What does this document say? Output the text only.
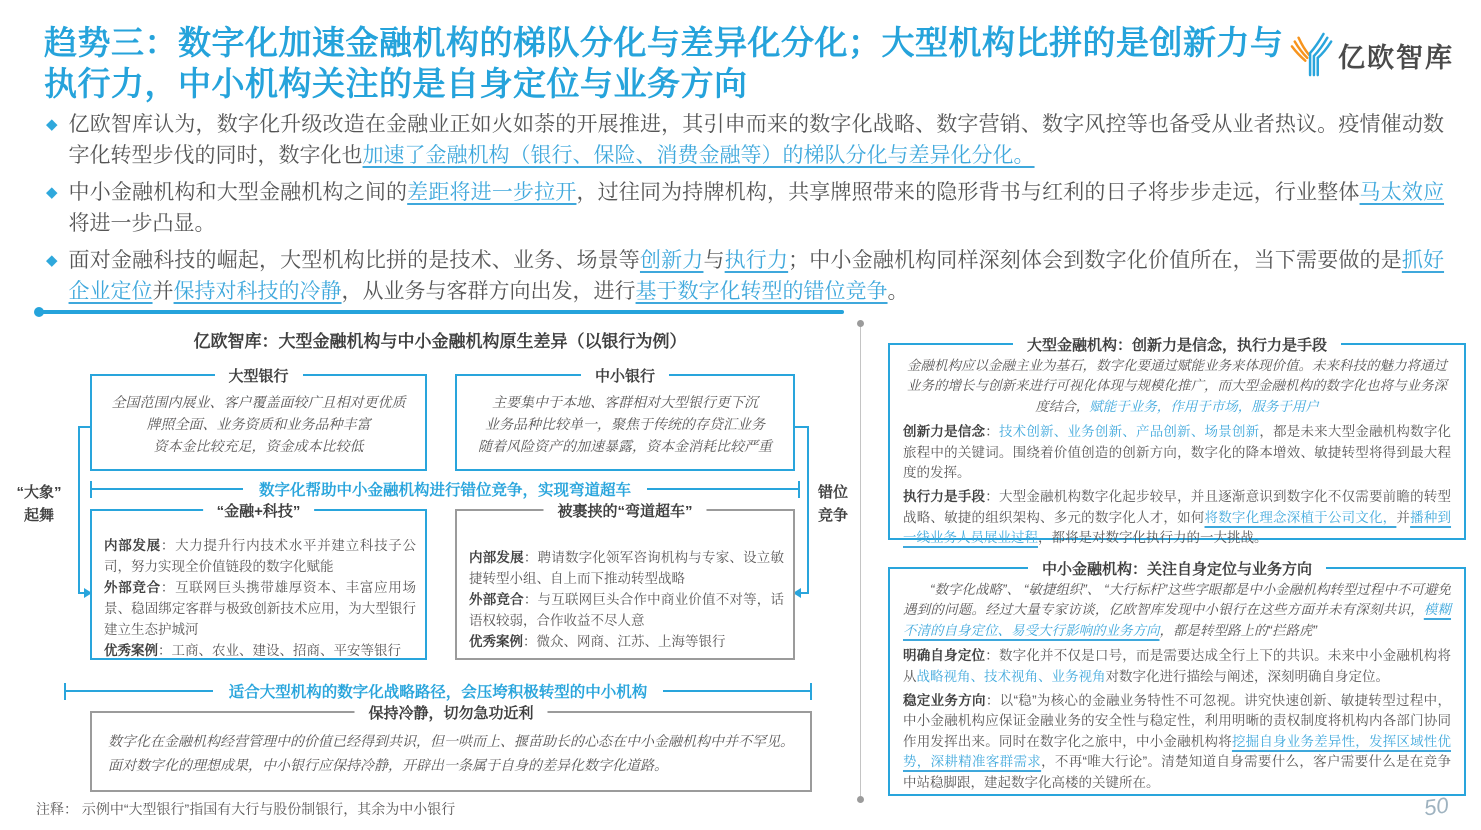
趋势三：数字化加速金融机构的梯队分化与差异化分化；大型机构比拼的是创新力与执行力，中小机构关注的是自身定位与业务方向
亿欧智库
◆ 亿欧智库认为，数字化升级改造在金融业正如火如荼的开展推进，其引申而来的数字化战略、数字营销、数字风控等也备受从业者热议。疫情催动数字化转型步伐的同时，数字化也加速了金融机构（银行、保险、消费金融等）的梯队分化与差异化分化。

◆ 中小金融机构和大型金融机构之间的差距将进一步拉开，过往同为持牌机构，共享牌照带来的隐形背书与红利的日子将步步走远，行业整体马太效应将进一步凸显。

◆ 面对金融科技的崛起，大型机构比拼的是技术、业务、场景等创新力与执行力；中小金融机构同样深刻体会到数字化价值所在，当下需要做的是抓好企业定位并保持对科技的冷静，从业务与客群方向出发，进行基于数字化转型的错位竞争。

亿欧智库：大型金融机构与中小金融机构原生差异（以银行为例）
大型银行
全国范围内展业、客户覆盖面较广且相对更优质
牌照全面、业务资质和业务品种丰富
资本金比较充足，资金成本比较低
中小银行
主要集中于本地、客群相对大型银行更下沉
业务品种比较单一，聚焦于传统的存贷汇业务
随着风险资产的加速暴露，资本金消耗比较严重
“大象”
起舞
数字化帮助中小金融机构进行错位竞争，实现弯道超车	错位
竞争
“金融+科技”

内部发展：大力提升行内技术水平并建立科技子公司，努力实现全价值链段的数字化赋能

外部竞合：互联网巨头携带雄厚资本、丰富应用场景、稳固绑定客群与极致创新技术应用，为大型银行建立生态护城河

优秀案例：工商、农业、建设、招商、平安等银行

被裹挟的“弯道超车”

内部发展：聘请数字化领军咨询机构与专家、设立敏捷转型小组、自上而下推动转型战略

外部竞合：与互联网巨头合作中商业价值不对等，话语权较弱，合作收益不尽人意

优秀案例：微众、网商、江苏、上海等银行

适合大型机构的数字化战略路径，会压垮积极转型的中小机构
保持冷静，切勿急功近利

数字化在金融机构经营管理中的价值已经得到共识，但一哄而上、揠苗助长的心态在中小金融机构中并不罕见。面对数字化的理想成果，中小银行应保持冷静，开辟出一条属于自身的差异化数字化道路。

注释： 示例中“大型银行”指国有大行与股份制银行，其余为中小银行
大型金融机构：创新力是信念，执行力是手段

金融机构应以金融主业为基石，数字化要通过赋能业务来体现价值。未来科技的魅力将通过业务的增长与创新来进行可视化体现与规模化推广，而大型金融机构的数字化也将与业务深度结合，赋能于业务，作用于市场，服务于用户

创新力是信念：技术创新、业务创新、产品创新、场景创新，都是未来大型金融机构数字化旅程中的关键词。围绕着价值创造的创新方向，数字化的降本增效、敏捷转型将得到最大程度的发挥。

执行力是手段：大型金融机构数字化起步较早，并且逐渐意识到数字化不仅需要前瞻的转型战略、敏捷的组织架构、多元的数字化人才，如何将数字化理念深植于公司文化，并播种到一线业务人员展业过程，都将是对数字化执行力的一大挑战。

中小金融机构：关注自身定位与业务方向

“数字化战略”、 “敏捷组织”、 “大行标杆”这些字眼都是中小金融机构转型过程中不可避免遇到的问题。经过大量专家访谈，亿欧智库发现中小银行在这些方面并未有深刻共识，模糊不清的自身定位、易受大行影响的业务方向，都是转型路上的“拦路虎”

明确自身定位：数字化并不仅是口号，而是需要达成全行上下的共识。未来中小金融机构将从战略视角、技术视角、业务视角对数字化进行描绘与阐述，深刻明确自身定位。

稳定业务方向：以“稳”为核心的金融业务特性不可忽视。讲究快速创新、敏捷转型过程中，中小金融机构应保证金融业务的安全性与稳定性，利用明晰的责权制度将机构内各部门协同作用发挥出来。同时在数字化之旅中，中小金融机构将挖掘自身业务差异性，发挥区域性优势，深耕精准客群需求，不再“唯大行论”。清楚知道自身需要什么，客户需要什么是在竞争中站稳脚跟，建起数字化高楼的关键所在。

50
